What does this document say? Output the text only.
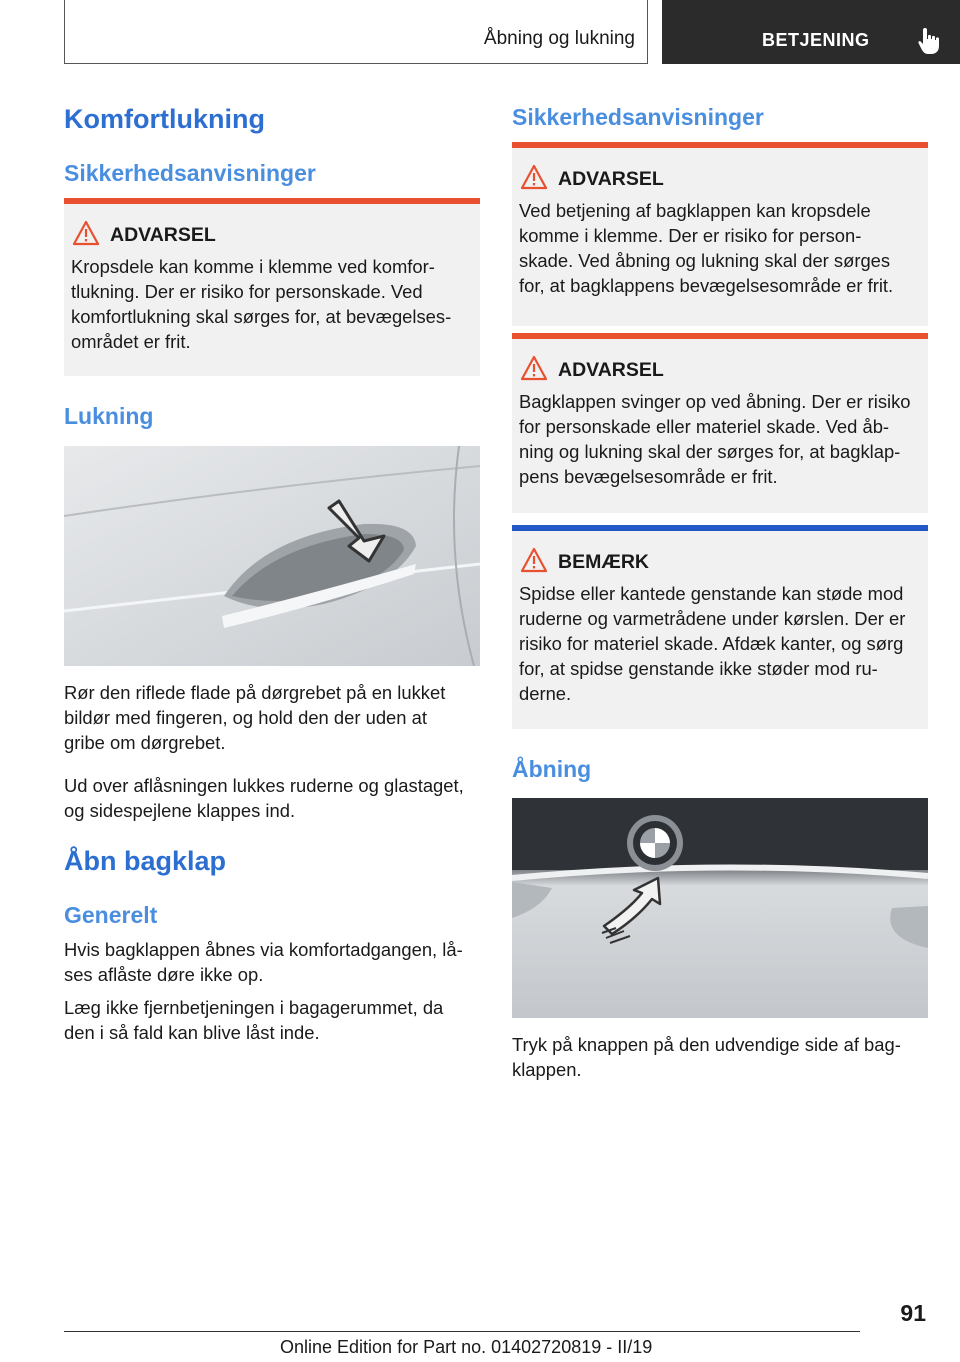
Åbning og lukning	BETJENING
Komfortlukning
Sikkerhedsanvisninger
ADVARSEL
Kropsdele kan komme i klemme ved komfor-
tlukning. Der er risiko for personskade. Ved
komfortlukning skal sørges for, at bevægelses-
området er frit.
Lukning
Rør den riflede flade på dørgrebet på en lukket
bildør med fingeren, og hold den der uden at
gribe om dørgrebet.
Ud over aflåsningen lukkes ruderne og glastaget,
og sidespejlene klappes ind.
Åbn bagklap
Generelt
Hvis bagklappen åbnes via komfortadgangen, lå-
ses aflåste døre ikke op.
Læg ikke fjernbetjeningen i bagagerummet, da
den i så fald kan blive låst inde.
Sikkerhedsanvisninger
ADVARSEL
Ved betjening af bagklappen kan kropsdele
komme i klemme. Der er risiko for person-
skade. Ved åbning og lukning skal der sørges
for, at bagklappens bevægelsesområde er frit.
ADVARSEL
Bagklappen svinger op ved åbning. Der er risiko
for personskade eller materiel skade. Ved åb-
ning og lukning skal der sørges for, at bagklap-
pens bevægelsesområde er frit.
BEMÆRK
Spidse eller kantede genstande kan støde mod
ruderne og varmetrådene under kørslen. Der er
risiko for materiel skade. Afdæk kanter, og sørg
for, at spidse genstande ikke støder mod ru-
derne.
Åbning
Tryk på knappen på den udvendige side af bag-
klappen.
91
Online Edition for Part no. 01402720819 - II/19
